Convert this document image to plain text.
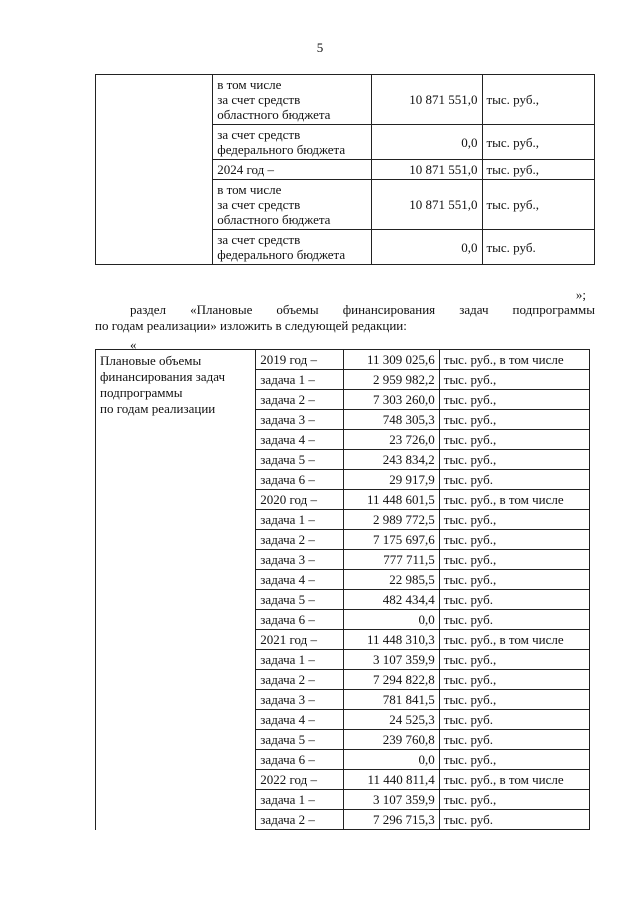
5

	в том числе
за счет средств
областного бюджета	10 871 551,0	тыс. руб.,

	за счет средств
федерального бюджета	0,0	тыс. руб.,

	2024 год –	10 871 551,0	тыс. руб.,

	в том числе
за счет средств
областного бюджета	10 871 551,0	тыс. руб.,

	за счет средств
федерального бюджета	0,0	тыс. руб.
»;
раздел «Плановые объемы финансирования задач подпрограммы
по годам реализации» изложить в следующей редакции:
«
Плановые объемы
финансирования задач
подпрограммы
по годам реализации	2019 год –	11 309 025,6	тыс. руб., в том числе
	задача 1 –	2 959 982,2	тыс. руб.,
	задача 2 –	7 303 260,0	тыс. руб.,
	задача 3 –	748 305,3	тыс. руб.,
	задача 4 –	23 726,0	тыс. руб.,
	задача 5 –	243 834,2	тыс. руб.,
	задача 6 –	29 917,9	тыс. руб.
	2020 год –	11 448 601,5	тыс. руб., в том числе
	задача 1 –	2 989 772,5	тыс. руб.,
	задача 2 –	7 175 697,6	тыс. руб.,
	задача 3 –	777 711,5	тыс. руб.,
	задача 4 –	22 985,5	тыс. руб.,
	задача 5 –	482 434,4	тыс. руб.
	задача 6 –	0,0	тыс. руб.
	2021 год –	11 448 310,3	тыс. руб., в том числе
	задача 1 –	3 107 359,9	тыс. руб.,
	задача 2 –	7 294 822,8	тыс. руб.,
	задача 3 –	781 841,5	тыс. руб.,
	задача 4 –	24 525,3	тыс. руб.
	задача 5 –	239 760,8	тыс. руб.
	задача 6 –	0,0	тыс. руб.,
	2022 год –	11 440 811,4	тыс. руб., в том числе
	задача 1 –	3 107 359,9	тыс. руб.,
	задача 2 –	7 296 715,3	тыс. руб.
